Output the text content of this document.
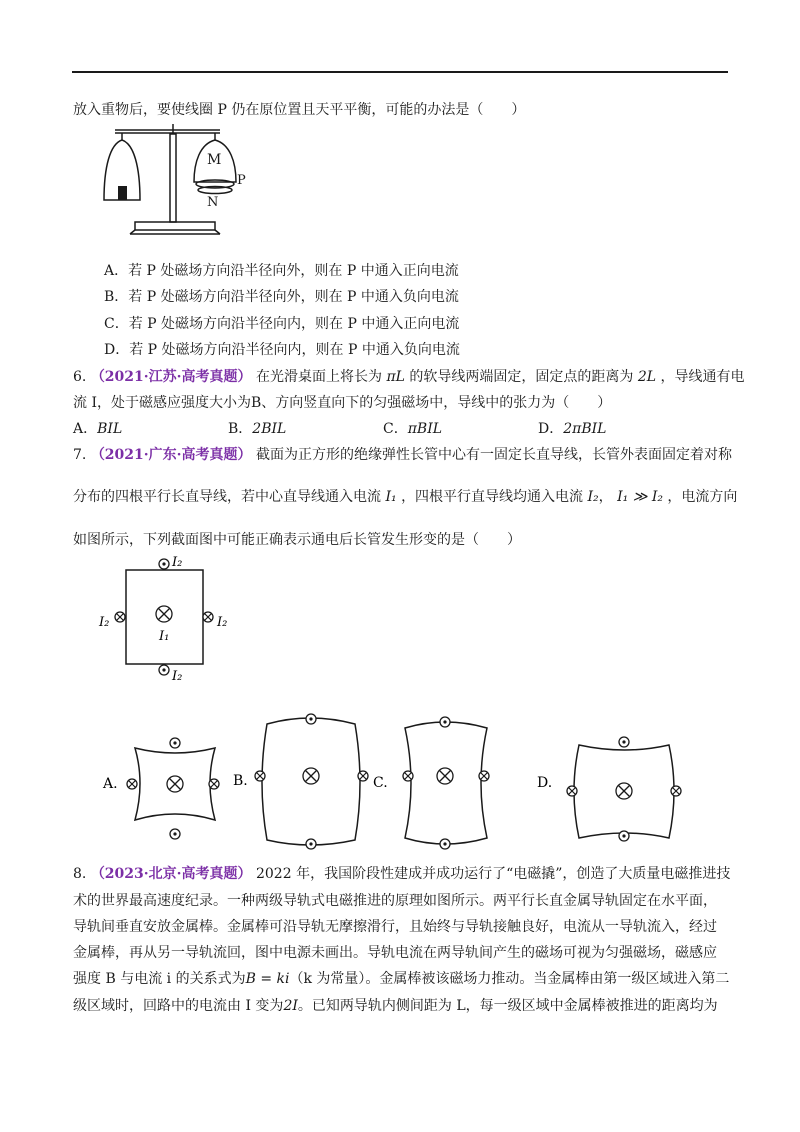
放入重物后，要使线圈 P 仍在原位置且天平平衡，可能的办法是（　　）
M
P
N
A．若 P 处磁场方向沿半径向外，则在 P 中通入正向电流
B．若 P 处磁场方向沿半径向外，则在 P 中通入负向电流
C．若 P 处磁场方向沿半径向内，则在 P 中通入正向电流
D．若 P 处磁场方向沿半径向内，则在 P 中通入负向电流
6. （2021·江苏·高考真题） 在光滑桌面上将长为 πL 的软导线两端固定，固定点的距离为 2L ，导线通有电
流 I，处于磁感应强度大小为B、方向竖直向下的匀强磁场中，导线中的张力为（　　）
A．BIL	B．2BIL	C．πBIL	D．2πBIL
7. （2021·广东·高考真题） 截面为正方形的绝缘弹性长管中心有一固定长直导线，长管外表面固定着对称
分布的四根平行长直导线，若中心直导线通入电流 I₁ ，四根平行直导线均通入电流 I₂， I₁ ≫ I₂ ，电流方向
如图所示，下列截面图中可能正确表示通电后长管发生形变的是（　　）
I₂
I₂	I₂
I₁
I₂
A.	B.	C.	D.
8. （2023·北京·高考真题） 2022 年，我国阶段性建成并成功运行了“电磁撬”，创造了大质量电磁推进技
术的世界最高速度纪录。一种两级导轨式电磁推进的原理如图所示。两平行长直金属导轨固定在水平面，
导轨间垂直安放金属棒。金属棒可沿导轨无摩擦滑行，且始终与导轨接触良好，电流从一导轨流入，经过
金属棒，再从另一导轨流回，图中电源未画出。导轨电流在两导轨间产生的磁场可视为匀强磁场，磁感应
强度 B 与电流 i 的关系式为B = ki（k 为常量）。金属棒被该磁场力推动。当金属棒由第一级区域进入第二
级区域时，回路中的电流由 I 变为2I。已知两导轨内侧间距为 L，每一级区域中金属棒被推进的距离均为
